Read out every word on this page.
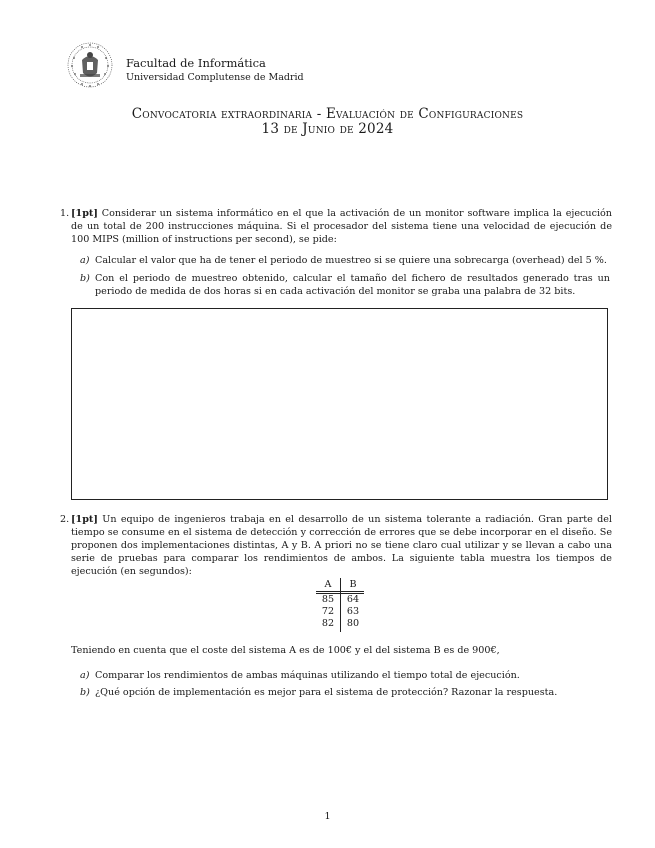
Facultad de Informática
Universidad Complutense de Madrid
Convocatoria extraordinaria - Evaluación de Configuraciones
13 de Junio de 2024
1. [1pt] Considerar un sistema informático en el que la activación de un monitor software implica la ejecución de un total de 200 instrucciones máquina. Si el procesador del sistema tiene una velocidad de ejecución de 100 MIPS (million of instructions per second), se pide:
a) Calcular el valor que ha de tener el periodo de muestreo si se quiere una sobrecarga (overhead) del 5 %.
b) Con el periodo de muestreo obtenido, calcular el tamaño del fichero de resultados generado tras un periodo de medida de dos horas si en cada activación del monitor se graba una palabra de 32 bits.
2. [1pt] Un equipo de ingenieros trabaja en el desarrollo de un sistema tolerante a radiación. Gran parte del tiempo se consume en el sistema de detección y corrección de errores que se debe incorporar en el diseño. Se proponen dos implementaciones distintas, A y B. A priori no se tiene claro cual utilizar y se llevan a cabo una serie de pruebas para comparar los rendimientos de ambos. La siguiente tabla muestra los tiempos de ejecución (en segundos):
A	B
85	64
72	63
82	80
Teniendo en cuenta que el coste del sistema A es de 100€ y el del sistema B es de 900€,
a) Comparar los rendimientos de ambas máquinas utilizando el tiempo total de ejecución.
b) ¿Qué opción de implementación es mejor para el sistema de protección? Razonar la respuesta.
1
